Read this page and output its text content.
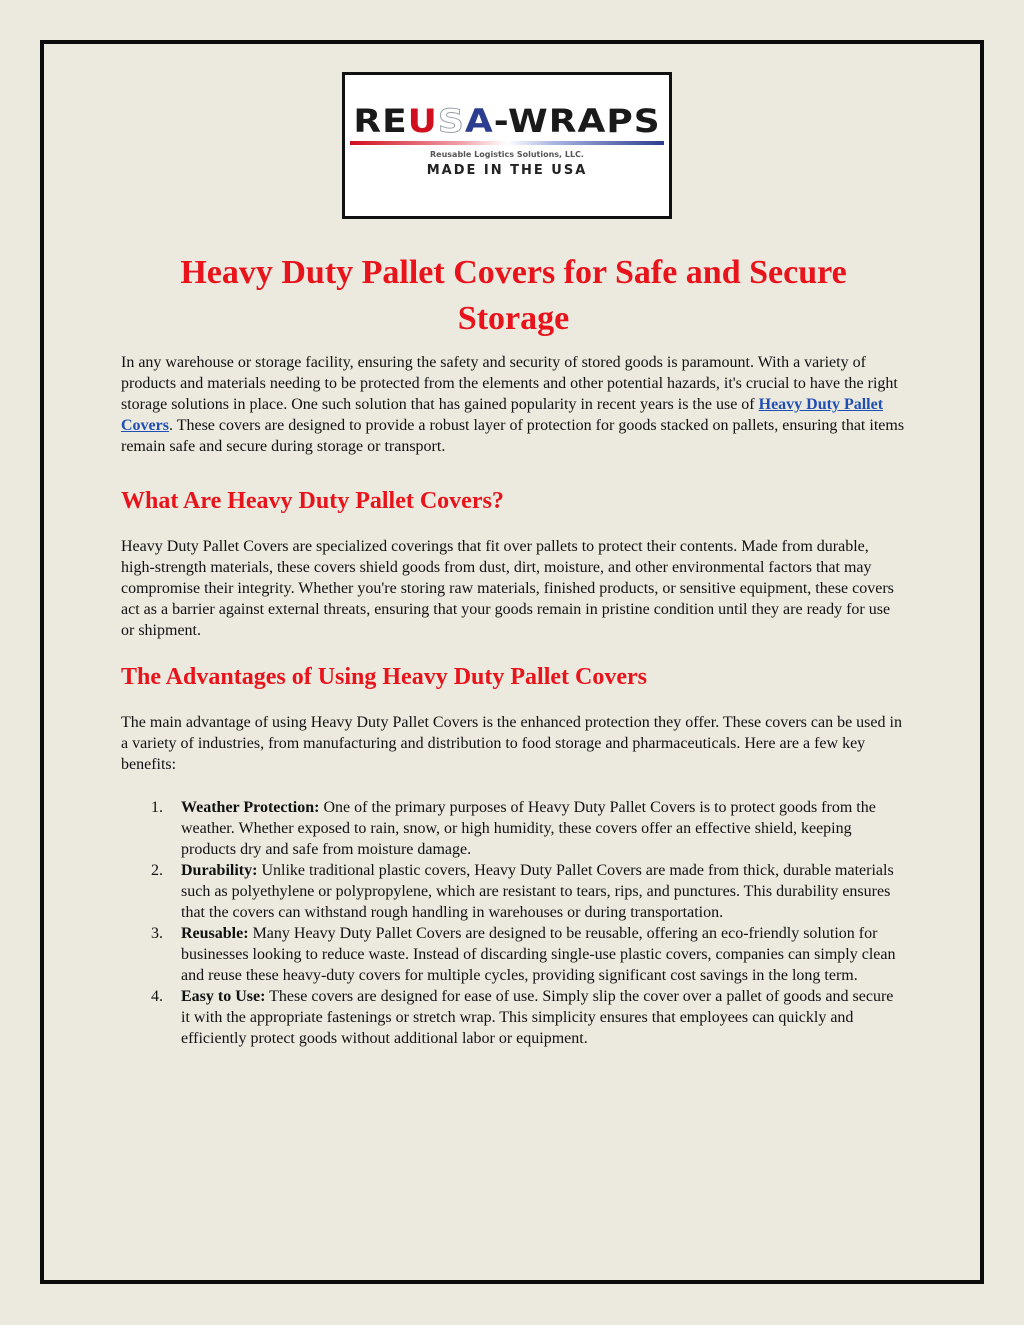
REUSA-WRAPS
Reusable Logistics Solutions, LLC.
MADE IN THE USA
Heavy Duty Pallet Covers for Safe and Secure Storage

In any warehouse or storage facility, ensuring the safety and security of stored goods is paramount. With a variety of products and materials needing to be protected from the elements and other potential hazards, it's crucial to have the right storage solutions in place. One such solution that has gained popularity in recent years is the use of Heavy Duty Pallet Covers. These covers are designed to provide a robust layer of protection for goods stacked on pallets, ensuring that items remain safe and secure during storage or transport.

What Are Heavy Duty Pallet Covers?

Heavy Duty Pallet Covers are specialized coverings that fit over pallets to protect their contents. Made from durable, high-strength materials, these covers shield goods from dust, dirt, moisture, and other environmental factors that may compromise their integrity. Whether you're storing raw materials, finished products, or sensitive equipment, these covers act as a barrier against external threats, ensuring that your goods remain in pristine condition until they are ready for use or shipment.

The Advantages of Using Heavy Duty Pallet Covers

The main advantage of using Heavy Duty Pallet Covers is the enhanced protection they offer. These covers can be used in a variety of industries, from manufacturing and distribution to food storage and pharmaceuticals. Here are a few key benefits:

1. Weather Protection: One of the primary purposes of Heavy Duty Pallet Covers is to protect goods from the weather. Whether exposed to rain, snow, or high humidity, these covers offer an effective shield, keeping products dry and safe from moisture damage.
2. Durability: Unlike traditional plastic covers, Heavy Duty Pallet Covers are made from thick, durable materials such as polyethylene or polypropylene, which are resistant to tears, rips, and punctures. This durability ensures that the covers can withstand rough handling in warehouses or during transportation.
3. Reusable: Many Heavy Duty Pallet Covers are designed to be reusable, offering an eco-friendly solution for businesses looking to reduce waste. Instead of discarding single-use plastic covers, companies can simply clean and reuse these heavy-duty covers for multiple cycles, providing significant cost savings in the long term.
4. Easy to Use: These covers are designed for ease of use. Simply slip the cover over a pallet of goods and secure it with the appropriate fastenings or stretch wrap. This simplicity ensures that employees can quickly and efficiently protect goods without additional labor or equipment.
